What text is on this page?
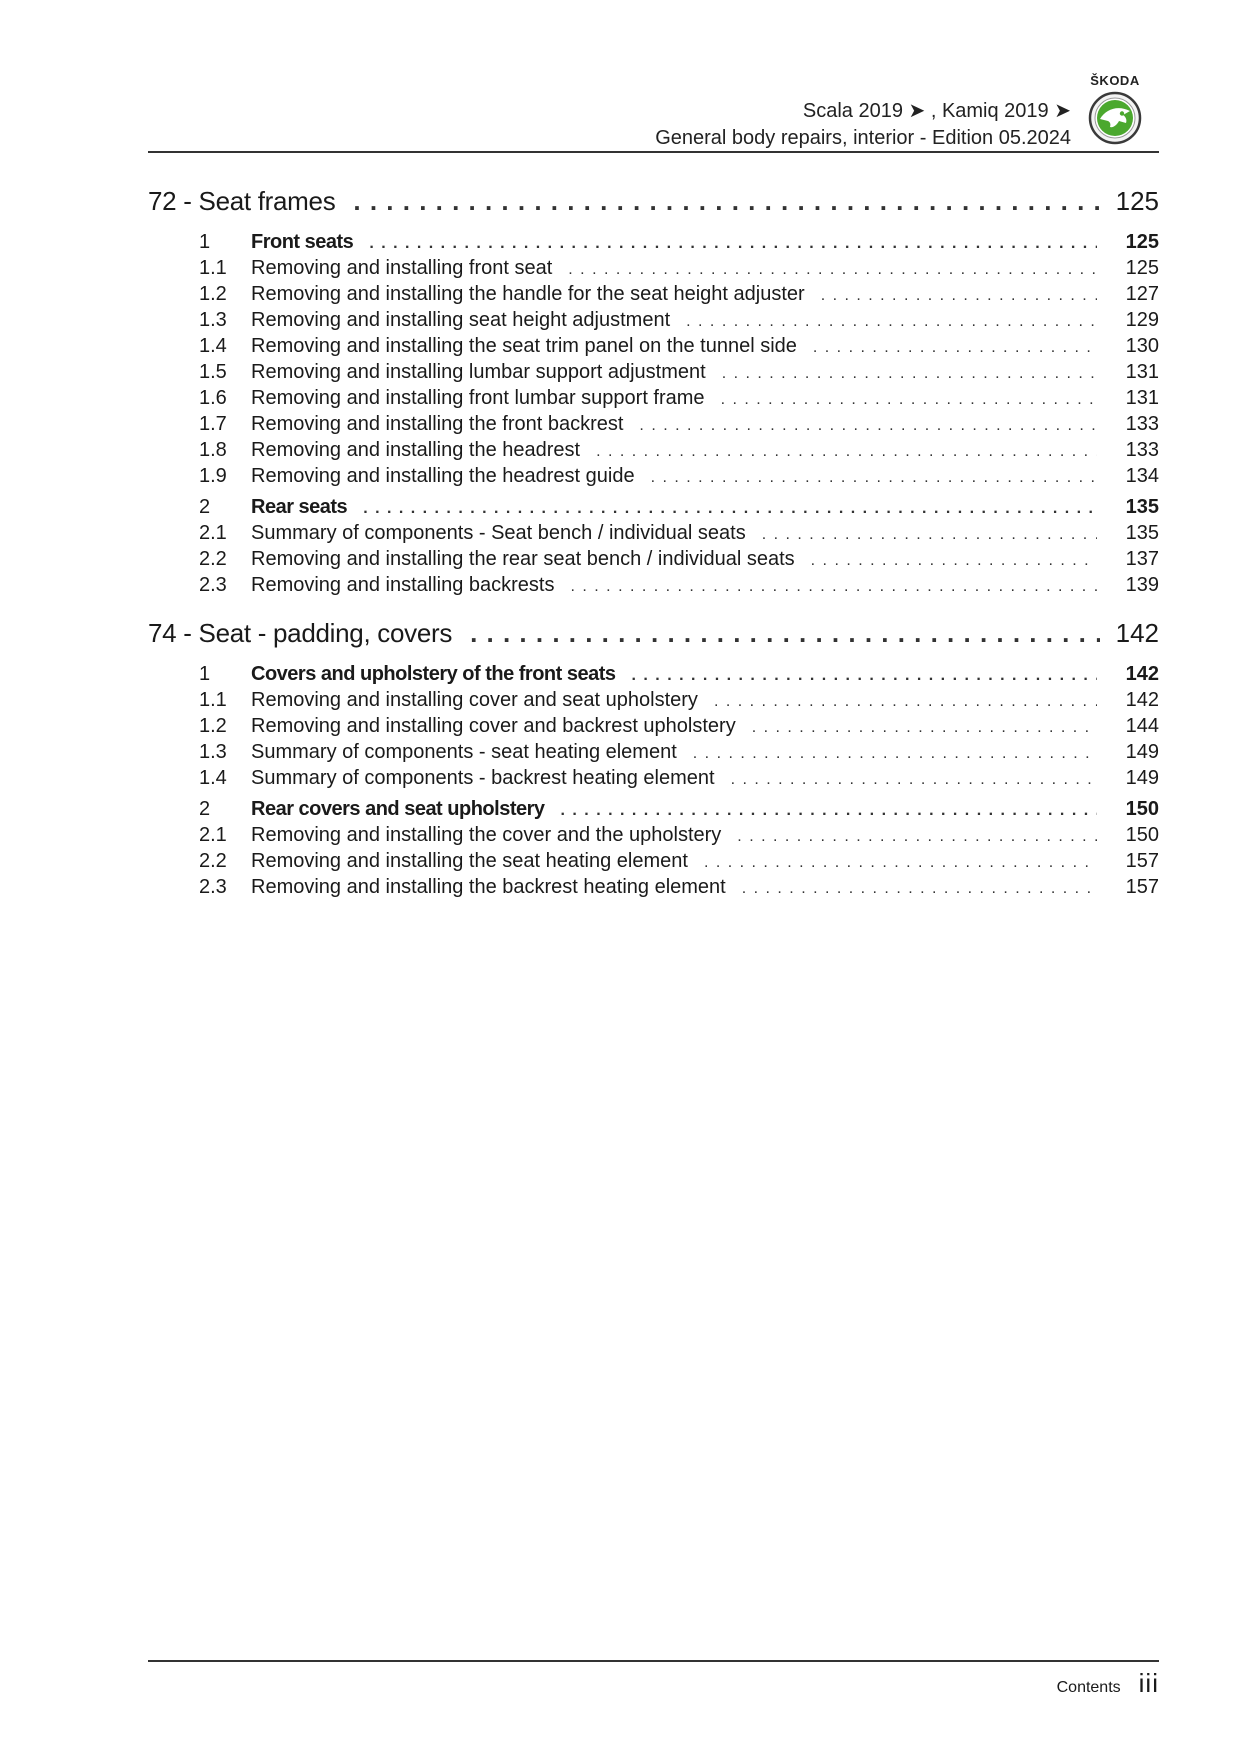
Scala 2019 ➤ , Kamiq 2019 ➤
General body repairs, interior - Edition 05.2024
ŠKODA
72 - Seat frames . . .	125
1	Front seats . . .	125
1.1	Removing and installing front seat . . .	125
1.2	Removing and installing the handle for the seat height adjuster . . .	127
1.3	Removing and installing seat height adjustment . . .	129
1.4	Removing and installing the seat trim panel on the tunnel side . . .	130
1.5	Removing and installing lumbar support adjustment . . .	131
1.6	Removing and installing front lumbar support frame . . .	131
1.7	Removing and installing the front backrest . . .	133
1.8	Removing and installing the headrest . . .	133
1.9	Removing and installing the headrest guide . . .	134
2	Rear seats . . .	135
2.1	Summary of components - Seat bench / individual seats . . .	135
2.2	Removing and installing the rear seat bench / individual seats . . .	137
2.3	Removing and installing backrests . . .	139
74 - Seat - padding, covers . . .	142
1	Covers and upholstery of the front seats . . .	142
1.1	Removing and installing cover and seat upholstery . . .	142
1.2	Removing and installing cover and backrest upholstery . . .	144
1.3	Summary of components - seat heating element . . .	149
1.4	Summary of components - backrest heating element . . .	149
2	Rear covers and seat upholstery . . .	150
2.1	Removing and installing the cover and the upholstery . . .	150
2.2	Removing and installing the seat heating element . . .	157
2.3	Removing and installing the backrest heating element . . .	157
Contents iii
